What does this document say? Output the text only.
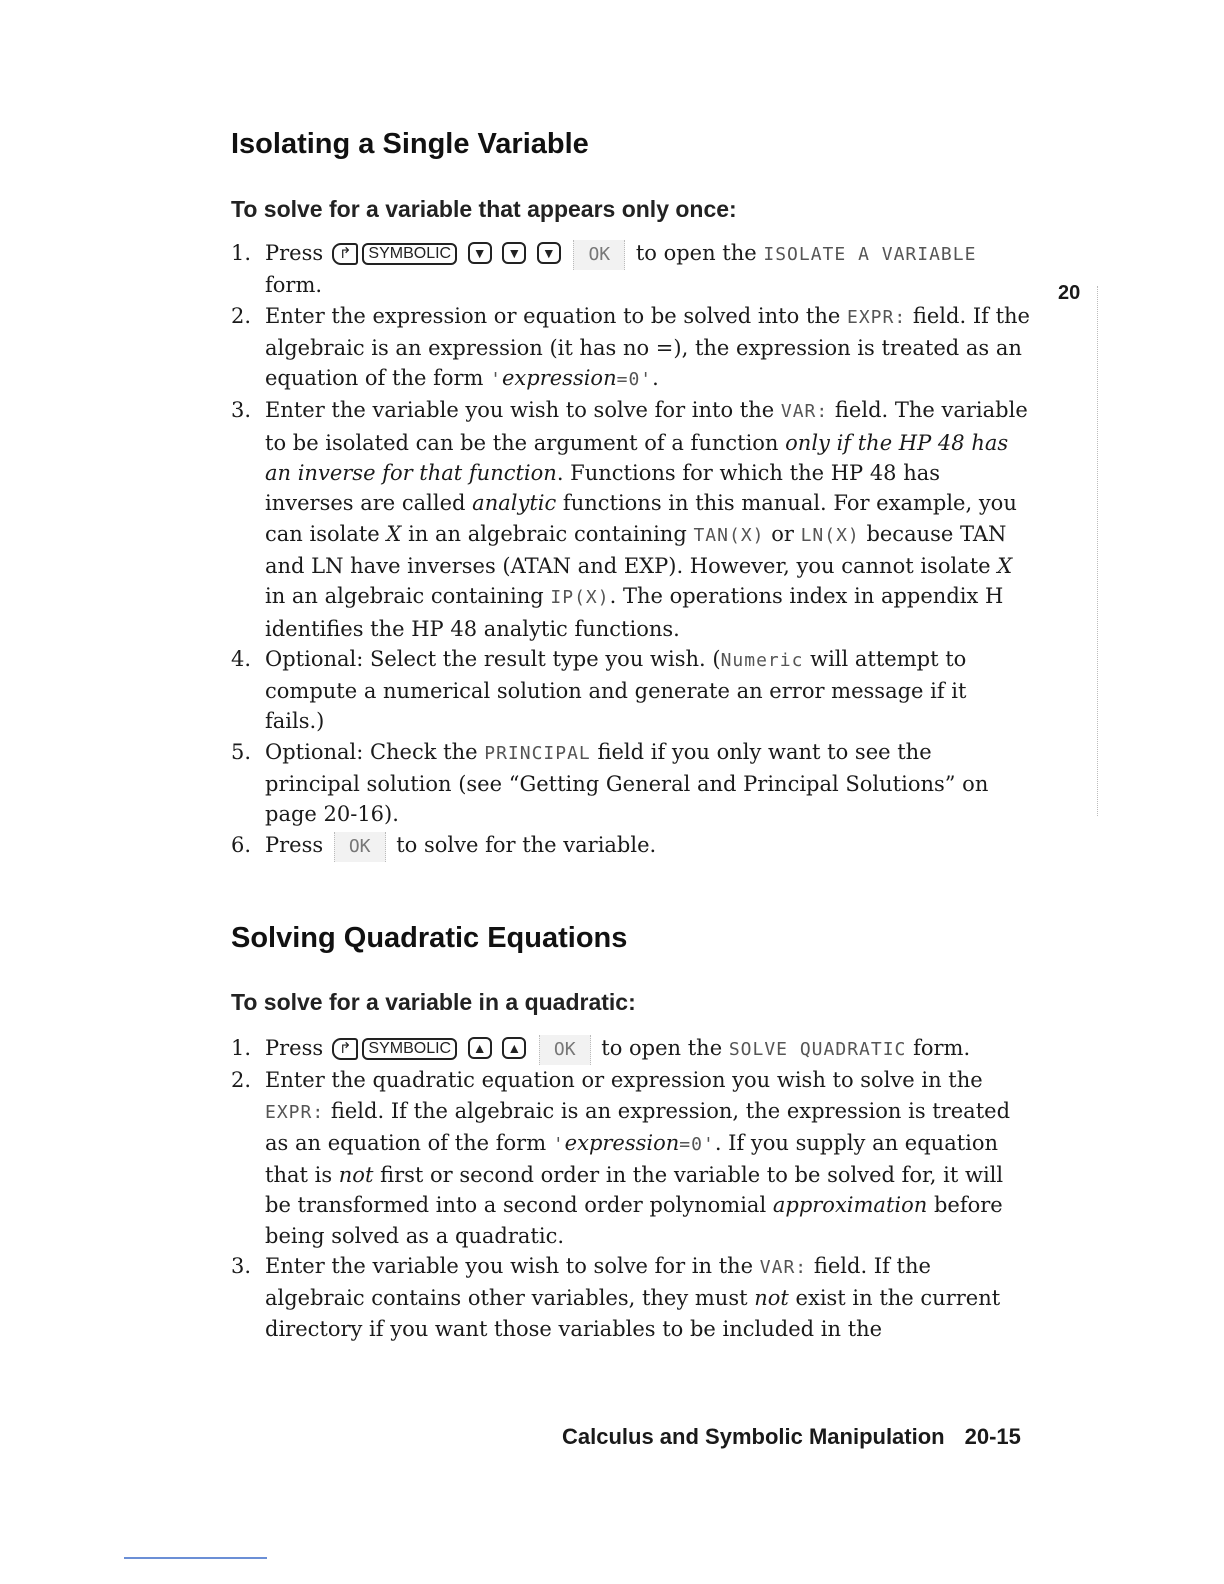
Isolating a Single Variable
To solve for a variable that appears only once:
1. Press ↱ SYMBOLIC ▼ ▼ ▼ OK to open the ISOLATE A VARIABLE form.
2. Enter the expression or equation to be solved into the EXPR: field. If the algebraic is an expression (it has no =), the expression is treated as an equation of the form 'expression=0'.
3. Enter the variable you wish to solve for into the VAR: field. The variable to be isolated can be the argument of a function only if the HP 48 has an inverse for that function. Functions for which the HP 48 has inverses are called analytic functions in this manual. For example, you can isolate X in an algebraic containing TAN(X) or LN(X) because TAN and LN have inverses (ATAN and EXP). However, you cannot isolate X in an algebraic containing IP(X). The operations index in appendix H identifies the HP 48 analytic functions.
4. Optional: Select the result type you wish. (Numeric will attempt to compute a numerical solution and generate an error message if it fails.)
5. Optional: Check the PRINCIPAL field if you only want to see the principal solution (see “Getting General and Principal Solutions” on page 20-16).
6. Press OK to solve for the variable.
Solving Quadratic Equations
To solve for a variable in a quadratic:
1. Press ↱ SYMBOLIC ▲ ▲ OK to open the SOLVE QUADRATIC form.
2. Enter the quadratic equation or expression you wish to solve in the EXPR: field. If the algebraic is an expression, the expression is treated as an equation of the form 'expression=0'. If you supply an equation that is not first or second order in the variable to be solved for, it will be transformed into a second order polynomial approximation before being solved as a quadratic.
3. Enter the variable you wish to solve for in the VAR: field. If the algebraic contains other variables, they must not exist in the current directory if you want those variables to be included in the
20
Calculus and Symbolic Manipulation 20-15
